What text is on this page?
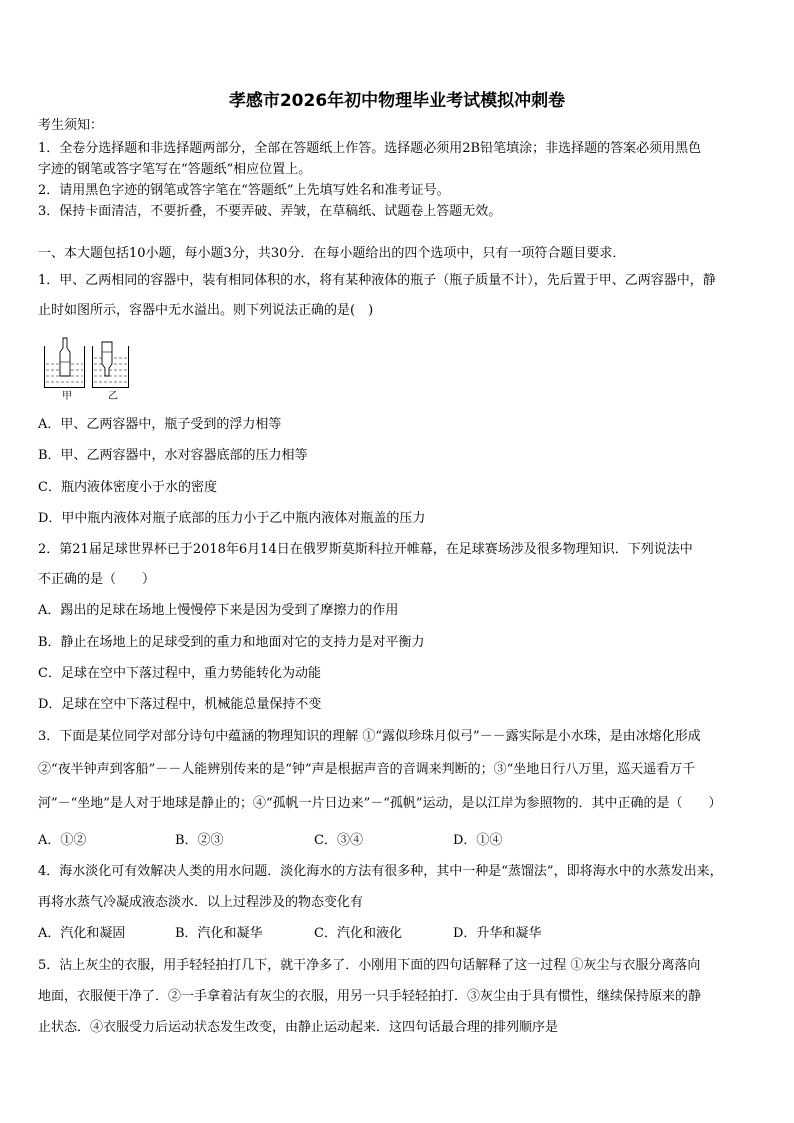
孝感市2026年初中物理毕业考试模拟冲刺卷
考生须知：
1．全卷分选择题和非选择题两部分，全部在答题纸上作答。选择题必须用2B铅笔填涂；非选择题的答案必须用黑色
字迹的钢笔或答字笔写在“答题纸”相应位置上。
2．请用黑色字迹的钢笔或答字笔在“答题纸”上先填写姓名和准考证号。
3．保持卡面清洁，不要折叠，不要弄破、弄皱，在草稿纸、试题卷上答题无效。
一、本大题包括10小题，每小题3分，共30分．在每小题给出的四个选项中，只有一项符合题目要求．
1．甲、乙两相同的容器中，装有相同体积的水，将有某种液体的瓶子（瓶子质量不计），先后置于甲、乙两容器中，静
止时如图所示，容器中无水溢出。则下列说法正确的是(　)
甲	乙
A．甲、乙两容器中，瓶子受到的浮力相等
B．甲、乙两容器中，水对容器底部的压力相等
C．瓶内液体密度小于水的密度
D．甲中瓶内液体对瓶子底部的压力小于乙中瓶内液体对瓶盖的压力
2．第21届足球世界杯已于2018年6月14日在俄罗斯莫斯科拉开帷幕，在足球赛场涉及很多物理知识．下列说法中
不正确的是（　　）
A．踢出的足球在场地上慢慢停下来是因为受到了摩擦力的作用
B．静止在场地上的足球受到的重力和地面对它的支持力是对平衡力
C．足球在空中下落过程中，重力势能转化为动能
D．足球在空中下落过程中，机械能总量保持不变
3．下面是某位同学对部分诗句中蕴涵的物理知识的理解 ①“露似珍珠月似弓”－－露实际是小水珠，是由冰熔化形成
②“夜半钟声到客船”－－人能辨别传来的是“钟”声是根据声音的音调来判断的；③“坐地日行八万里，巡天遥看万千
河”－“坐地”是人对于地球是静止的；④“孤帆一片日边来”－“孤帆”运动，是以江岸为参照物的．其中正确的是（　　）
A．①②	B．②③	C．③④	D．①④
4．海水淡化可有效解决人类的用水问题．淡化海水的方法有很多种，其中一种是“蒸馏法”，即将海水中的水蒸发出来，
再将水蒸气冷凝成液态淡水．以上过程涉及的物态变化有
A．汽化和凝固	B．汽化和凝华	C．汽化和液化	D．升华和凝华
5．沾上灰尘的衣服，用手轻轻拍打几下，就干净多了．小刚用下面的四句话解释了这一过程 ①灰尘与衣服分离落向
地面，衣服便干净了．②一手拿着沾有灰尘的衣服，用另一只手轻轻拍打．③灰尘由于具有惯性，继续保持原来的静
止状态．④衣服受力后运动状态发生改变，由静止运动起来．这四句话最合理的排列顺序是
